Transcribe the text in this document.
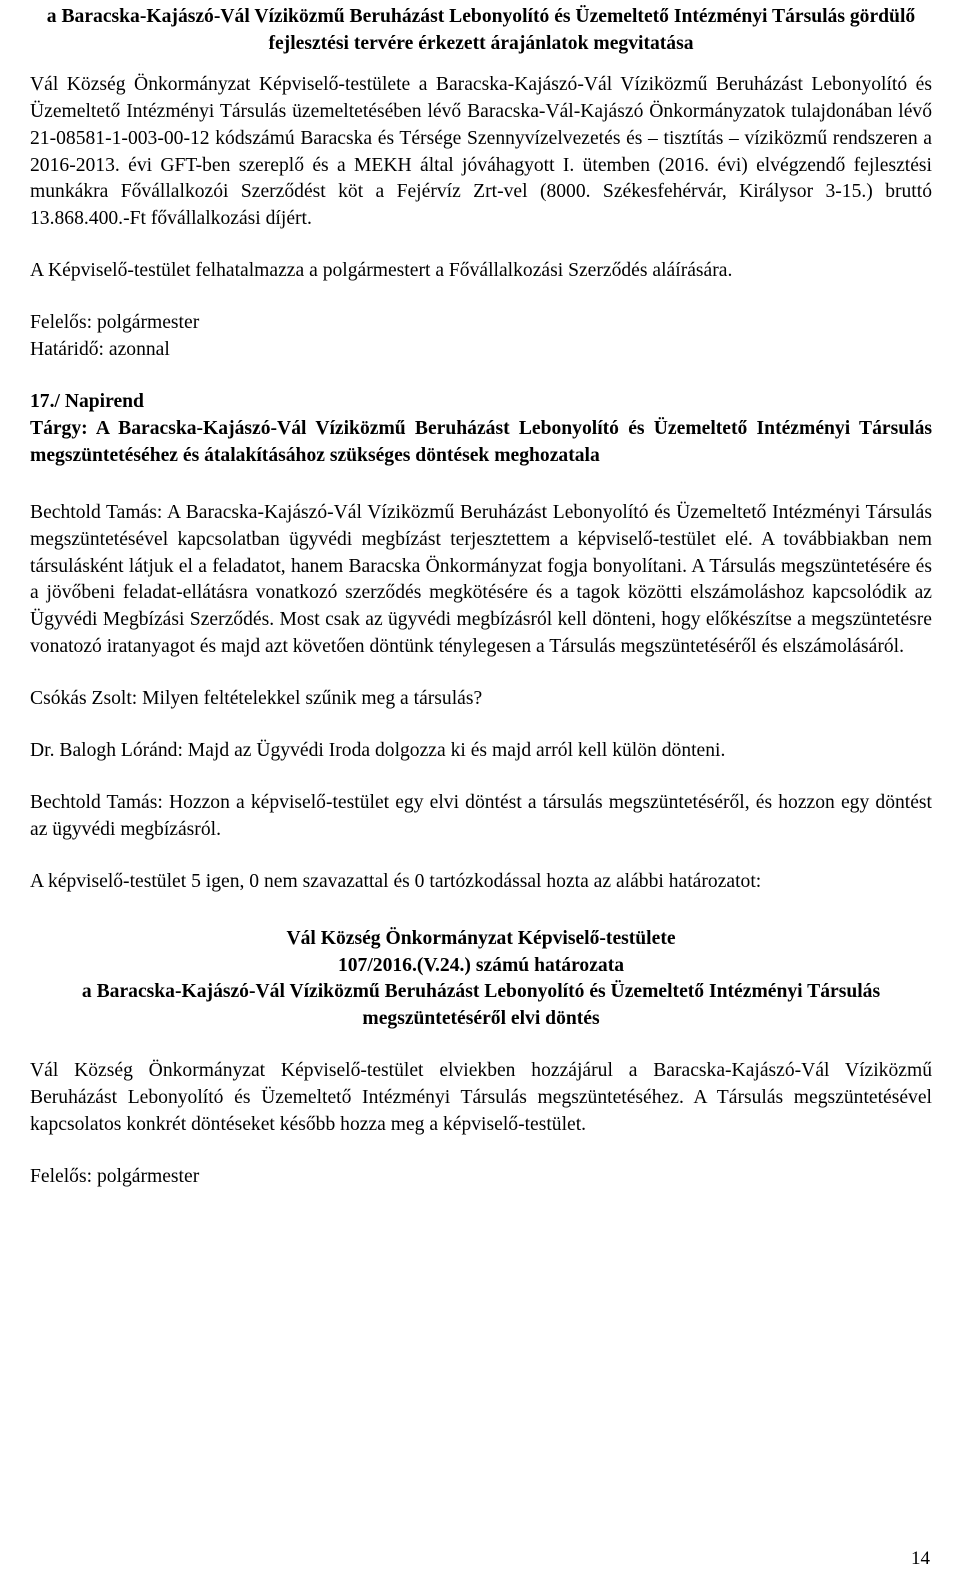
a Baracska-Kajászó-Vál Víziközmű Beruházást Lebonyolító és Üzemeltető Intézményi Társulás gördülő fejlesztési tervére érkezett árajánlatok megvitatása

Vál Község Önkormányzat Képviselő-testülete a Baracska-Kajászó-Vál Víziközmű Beruházást Lebonyolító és Üzemeltető Intézményi Társulás üzemeltetésében lévő Baracska-Vál-Kajászó Önkormányzatok tulajdonában lévő 21-08581-1-003-00-12 kódszámú Baracska és Térsége Szennyvízelvezetés és – tisztítás – víziközmű rendszeren a 2016-2013. évi GFT-ben szereplő és a MEKH által jóváhagyott I. ütemben (2016. évi) elvégzendő fejlesztési munkákra Fővállalkozói Szerződést köt a Fejérvíz Zrt-vel (8000. Székesfehérvár, Királysor 3-15.) bruttó 13.868.400.-Ft fővállalkozási díjért.

A Képviselő-testület felhatalmazza a polgármestert a Fővállalkozási Szerződés aláírására.

Felelős: polgármester

Határidő: azonnal

17./ Napirend

Tárgy: A Baracska-Kajászó-Vál Víziközmű Beruházást Lebonyolító és Üzemeltető Intézményi Társulás megszüntetéséhez és átalakításához szükséges döntések meghozatala

Bechtold Tamás: A Baracska-Kajászó-Vál Víziközmű Beruházást Lebonyolító és Üzemeltető Intézményi Társulás megszüntetésével kapcsolatban ügyvédi megbízást terjesztettem a képviselő-testület elé. A továbbiakban nem társulásként látjuk el a feladatot, hanem Baracska Önkormányzat fogja bonyolítani. A Társulás megszüntetésére és a jövőbeni feladat-ellátásra vonatkozó szerződés megkötésére és a tagok közötti elszámoláshoz kapcsolódik az Ügyvédi Megbízási Szerződés. Most csak az ügyvédi megbízásról kell dönteni, hogy előkészítse a megszüntetésre vonatozó iratanyagot és majd azt követően döntünk ténylegesen a Társulás megszüntetéséről és elszámolásáról.

Csókás Zsolt: Milyen feltételekkel szűnik meg a társulás?

Dr. Balogh Lóránd: Majd az Ügyvédi Iroda dolgozza ki és majd arról kell külön dönteni.

Bechtold Tamás: Hozzon a képviselő-testület egy elvi döntést a társulás megszüntetéséről, és hozzon egy döntést az ügyvédi megbízásról.

A képviselő-testület 5 igen, 0 nem szavazattal és 0 tartózkodással hozta az alábbi határozatot:

Vál Község Önkormányzat Képviselő-testülete

107/2016.(V.24.) számú határozata

a Baracska-Kajászó-Vál Víziközmű Beruházást Lebonyolító és Üzemeltető Intézményi Társulás megszüntetéséről elvi döntés

Vál Község Önkormányzat Képviselő-testület elviekben hozzájárul a Baracska-Kajászó-Vál Víziközmű Beruházást Lebonyolító és Üzemeltető Intézményi Társulás megszüntetéséhez. A Társulás megszüntetésével kapcsolatos konkrét döntéseket később hozza meg a képviselő-testület.

Felelős: polgármester

14
